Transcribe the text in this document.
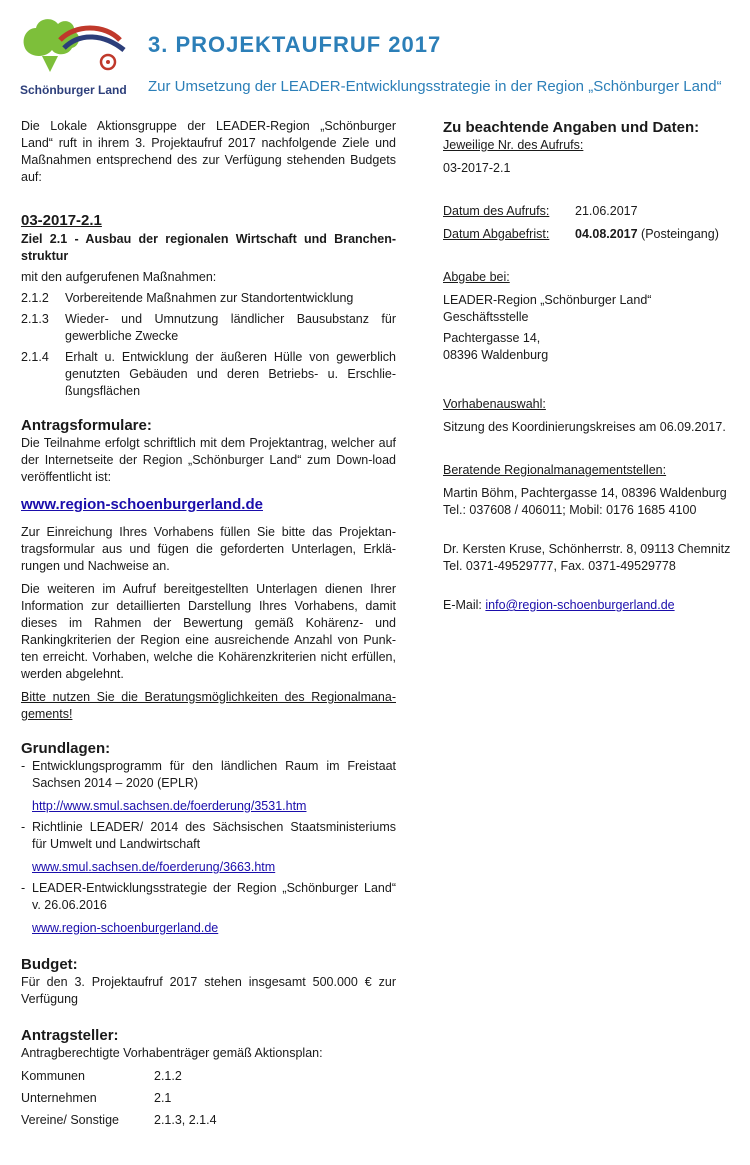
Schönburger Land
3. PROJEKTAUFRUF 2017
Zur Umsetzung der LEADER-Entwicklungsstrategie in der Region „Schönburger Land“

Die Lokale Aktionsgruppe der LEADER-Region „Schönburger Land“ ruft in ihrem 3. Projektaufruf 2017 nachfolgende Ziele und Maßnahmen entsprechend des zur Verfügung stehenden Budgets auf:

03-2017-2.1

Ziel 2.1 - Ausbau der regionalen Wirtschaft und Branchen-struktur

mit den aufgerufenen Maßnahmen:

2.1.2	Vorbereitende Maßnahmen zur Standortentwicklung
2.1.3	Wieder- und Umnutzung ländlicher Bausubstanz für gewerbliche Zwecke
2.1.4	Erhalt u. Entwicklung der äußeren Hülle von gewerblich genutzten Gebäuden und deren Betriebs- u. Erschlie-ßungsflächen

Antragsformulare:

Die Teilnahme erfolgt schriftlich mit dem Projektantrag, welcher auf der Internetseite der Region „Schönburger Land“ zum Down-load veröffentlicht ist:

www.region-schoenburgerland.de

Zur Einreichung Ihres Vorhabens füllen Sie bitte das Projektan-tragsformular aus und fügen die geforderten Unterlagen, Erklä-rungen und Nachweise an.

Die weiteren im Aufruf bereitgestellten Unterlagen dienen Ihrer Information zur detaillierten Darstellung Ihres Vorhabens, damit dieses im Rahmen der Bewertung gemäß Kohärenz- und Rankingkriterien der Region eine ausreichende Anzahl von Punk-ten erreicht. Vorhaben, welche die Kohärenzkriterien nicht erfüllen, werden abgelehnt.

Bitte nutzen Sie die Beratungsmöglichkeiten des Regionalmana-gements!

Grundlagen:

- Entwicklungsprogramm für den ländlichen Raum im Freistaat Sachsen 2014 – 2020 (EPLR)
http://www.smul.sachsen.de/foerderung/3531.htm
- Richtlinie LEADER/ 2014 des Sächsischen Staatsministeriums für Umwelt und Landwirtschaft
www.smul.sachsen.de/foerderung/3663.htm
- LEADER-Entwicklungsstrategie der Region „Schönburger Land“ v. 26.06.2016
www.region-schoenburgerland.de

Budget:

Für den 3. Projektaufruf 2017 stehen insgesamt 500.000 € zur Verfügung

Antragsteller:

Antragberechtigte Vorhabenträger gemäß Aktionsplan:

Kommunen	2.1.2
Unternehmen	2.1
Vereine/ Sonstige	2.1.3, 2.1.4

Zu beachtende Angaben und Daten:

Jeweilige Nr. des Aufrufs:

03-2017-2.1

Datum des Aufrufs:	21.06.2017
Datum Abgabefrist:	04.08.2017 (Posteingang)

Abgabe bei:

LEADER-Region „Schönburger Land“

Geschäftsstelle

Pachtergasse 14,

08396 Waldenburg

Vorhabenauswahl:

Sitzung des Koordinierungskreises am 06.09.2017.

Beratende Regionalmanagementstellen:

Martin Böhm, Pachtergasse 14, 08396 Waldenburg

Tel.: 037608 / 406011; Mobil: 0176 1685 4100

Dr. Kersten Kruse, Schönherrstr. 8, 09113 Chemnitz

Tel. 0371-49529777, Fax. 0371-49529778

E-Mail: info@region-schoenburgerland.de
